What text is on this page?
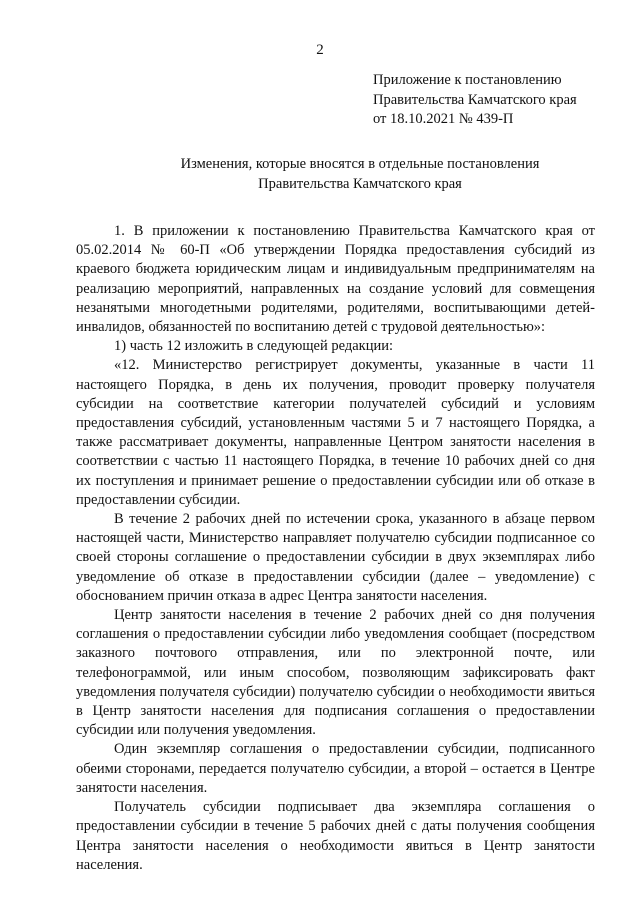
2
Приложение к постановлению
Правительства Камчатского края
от 18.10.2021 № 439-П
Изменения, которые вносятся в отдельные постановления
Правительства Камчатского края

1. В приложении к постановлению Правительства Камчатского края от 05.02.2014 № 60-П «Об утверждении Порядка предоставления субсидий из краевого бюджета юридическим лицам и индивидуальным предпринимателям на реализацию мероприятий, направленных на создание условий для совмещения незанятыми многодетными родителями, родителями, воспитывающими детей-инвалидов, обязанностей по воспитанию детей с трудовой деятельностью»:

1) часть 12 изложить в следующей редакции:

«12. Министерство регистрирует документы, указанные в части 11 настоящего Порядка, в день их получения, проводит проверку получателя субсидии на соответствие категории получателей субсидий и условиям предоставления субсидий, установленным частями 5 и 7 настоящего Порядка, а также рассматривает документы, направленные Центром занятости населения в соответствии с частью 11 настоящего Порядка, в течение 10 рабочих дней со дня их поступления и принимает решение о предоставлении субсидии или об отказе в предоставлении субсидии.

В течение 2 рабочих дней по истечении срока, указанного в абзаце первом настоящей части, Министерство направляет получателю субсидии подписанное со своей стороны соглашение о предоставлении субсидии в двух экземплярах либо уведомление об отказе в предоставлении субсидии (далее – уведомление) с обоснованием причин отказа в адрес Центра занятости населения.

Центр занятости населения в течение 2 рабочих дней со дня получения соглашения о предоставлении субсидии либо уведомления сообщает (посредством заказного почтового отправления, или по электронной почте, или телефонограммой, или иным способом, позволяющим зафиксировать факт уведомления получателя субсидии) получателю субсидии о необходимости явиться в Центр занятости населения для подписания соглашения о предоставлении субсидии или получения уведомления.

Один экземпляр соглашения о предоставлении субсидии, подписанного обеими сторонами, передается получателю субсидии, а второй – остается в Центре занятости населения.

Получатель субсидии подписывает два экземпляра соглашения о предоставлении субсидии в течение 5 рабочих дней с даты получения сообщения Центра занятости населения о необходимости явиться в Центр занятости населения.
